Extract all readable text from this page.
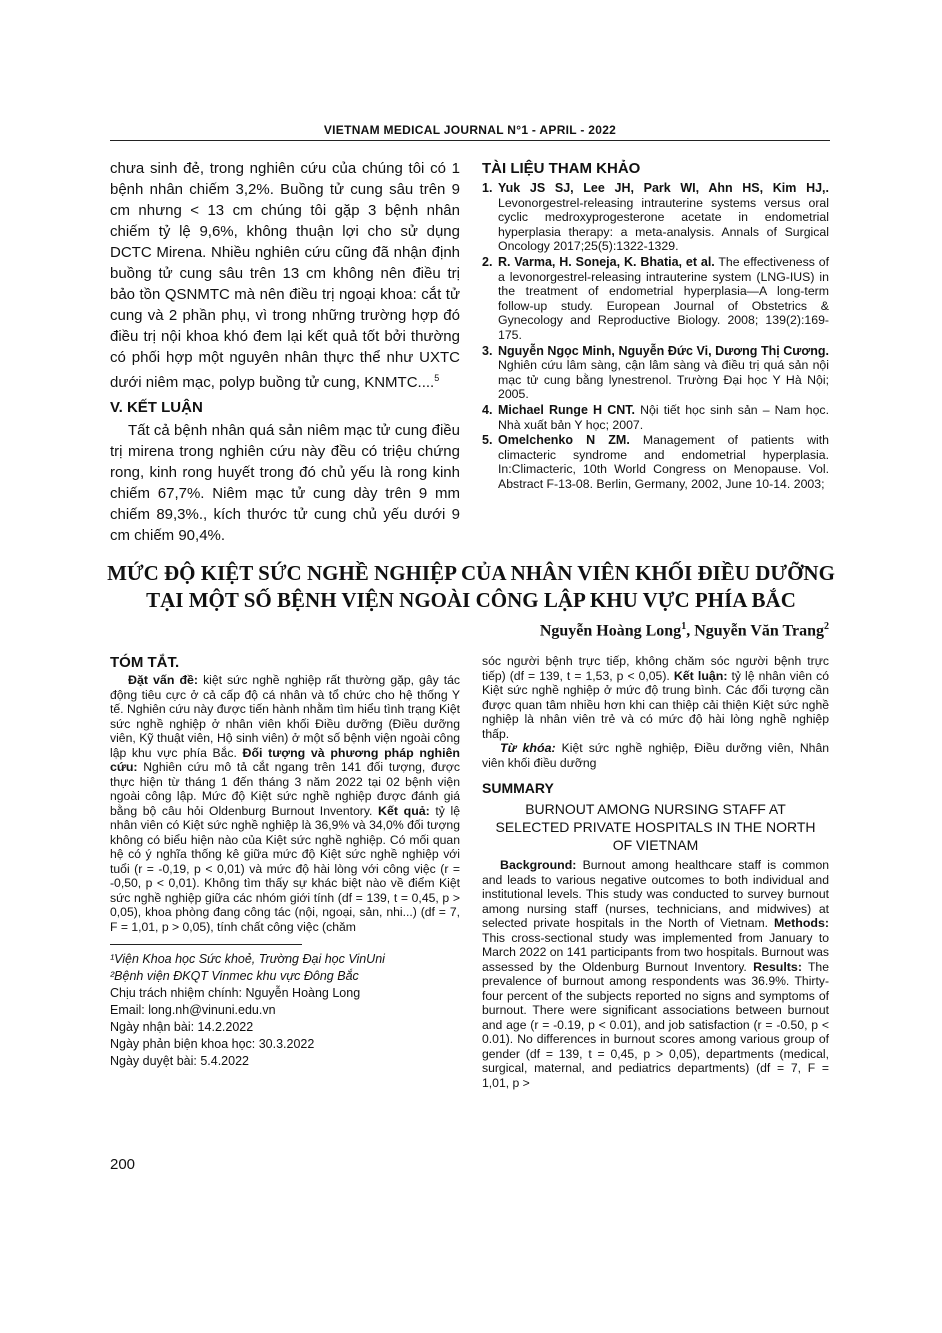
VIETNAM MEDICAL JOURNAL N°1 - APRIL - 2022

chưa sinh đẻ, trong nghiên cứu của chúng tôi có 1 bệnh nhân chiếm 3,2%. Buồng tử cung sâu trên 9 cm nhưng < 13 cm chúng tôi gặp 3 bệnh nhân chiếm tỷ lệ 9,6%, không thuận lợi cho sử dụng DCTC Mirena. Nhiều nghiên cứu cũng đã nhận định buồng tử cung sâu trên 13 cm không nên điều trị bảo tồn QSNMTC mà nên điều trị ngoại khoa: cắt tử cung và 2 phần phụ, vì trong những trường hợp đó điều trị nội khoa khó đem lại kết quả tốt bởi thường có phối hợp một nguyên nhân thực thể như UXTC dưới niêm mạc, polyp buồng tử cung, KNMTC....$^5$

V. KẾT LUẬN

Tất cả bệnh nhân quá sản niêm mạc tử cung điều trị mirena trong nghiên cứu này đều có triệu chứng rong, kinh rong huyết trong đó chủ yếu là rong kinh chiếm 67,7%. Niêm mạc tử cung dày trên 9 mm chiếm 89,3%., kích thước tử cung chủ yếu dưới 9 cm chiếm 90,4%.

TÀI LIỆU THAM KHẢO
1. Yuk JS SJ, Lee JH, Park WI, Ahn HS, Kim HJ,. Levonorgestrel-releasing intrauterine systems versus oral cyclic medroxyprogesterone acetate in endometrial hyperplasia therapy: a meta-analysis. Annals of Surgical Oncology 2017;25(5):1322-1329.
2. R. Varma, H. Soneja, K. Bhatia, et al. The effectiveness of a levonorgestrel-releasing intrauterine system (LNG-IUS) in the treatment of endometrial hyperplasia—A long-term follow-up study. European Journal of Obstetrics & Gynecology and Reproductive Biology. 2008; 139(2):169-175.
3. Nguyễn Ngọc Minh, Nguyễn Đức Vi, Dương Thị Cương. Nghiên cứu lâm sàng, cận lâm sàng và điều trị quá sản nội mạc tử cung bằng lynestrenol. Trường Đại học Y Hà Nội; 2005.
4. Michael Runge H CNT. Nội tiết học sinh sản – Nam học. Nhà xuất bản Y học; 2007.
5. Omelchenko N ZM. Management of patients with climacteric syndrome and endometrial hyperplasia. In:Climacteric, 10th World Congress on Menopause. Vol. Abstract F-13-08. Berlin, Germany, 2002, June 10-14. 2003;
MỨC ĐỘ KIỆT SỨC NGHỀ NGHIỆP CỦA NHÂN VIÊN KHỐI ĐIỀU DƯỠNG
TẠI MỘT SỐ BỆNH VIỆN NGOÀI CÔNG LẬP KHU VỰC PHÍA BẮC
Nguyễn Hoàng Long$^1$, Nguyễn Văn Trang$^2$
TÓM TẮT.

Đặt vấn đề: kiệt sức nghề nghiệp rất thường gặp, gây tác động tiêu cực ở cả cấp độ cá nhân và tổ chức cho hệ thống Y tế. Nghiên cứu này được tiến hành nhằm tìm hiểu tình trạng Kiệt sức nghề nghiệp ở nhân viên khối Điều dưỡng (Điều dưỡng viên, Kỹ thuật viên, Hộ sinh viên) ở một số bệnh viện ngoài công lập khu vực phía Bắc. Đối tượng và phương pháp nghiên cứu: Nghiên cứu mô tả cắt ngang trên 141 đối tượng, được thực hiện từ tháng 1 đến tháng 3 năm 2022 tại 02 bệnh viện ngoài công lập. Mức độ Kiệt sức nghề nghiệp được đánh giá bằng bộ câu hỏi Oldenburg Burnout Inventory. Kết quả: tỷ lệ nhân viên có Kiệt sức nghề nghiệp là 36,9% và 34,0% đối tượng không có biểu hiện nào của Kiệt sức nghề nghiệp. Có mối quan hệ có ý nghĩa thống kê giữa mức độ Kiệt sức nghề nghiệp với tuổi (r = -0,19, p < 0,01) và mức độ hài lòng với công việc (r = -0,50, p < 0,01). Không tìm thấy sự khác biệt nào về điểm Kiệt sức nghề nghiệp giữa các nhóm giới tính (df = 139, t = 0,45, p > 0,05), khoa phòng đang công tác (nội, ngoại, sản, nhi...) (df = 7, F = 1,01, p > 0,05), tính chất công việc (chăm

¹Viện Khoa học Sức khoẻ, Trường Đại học VinUni

²Bệnh viện ĐKQT Vinmec khu vực Đông Bắc

Chịu trách nhiệm chính: Nguyễn Hoàng Long

Email: long.nh@vinuni.edu.vn

Ngày nhận bài: 14.2.2022

Ngày phản biện khoa học: 30.3.2022

Ngày duyệt bài: 5.4.2022

sóc người bệnh trực tiếp, không chăm sóc người bệnh trực tiếp) (df = 139, t = 1,53, p < 0,05). Kết luận: tỷ lệ nhân viên có Kiệt sức nghề nghiệp ở mức độ trung bình. Các đối tượng cần được quan tâm nhiều hơn khi can thiệp cải thiện Kiệt sức nghề nghiệp là nhân viên trẻ và có mức độ hài lòng nghề nghiệp thấp.

Từ khóa: Kiệt sức nghề nghiệp, Điều dưỡng viên, Nhân viên khối điều dưỡng

SUMMARY
BURNOUT AMONG NURSING STAFF AT SELECTED PRIVATE HOSPITALS IN THE NORTH OF VIETNAM

Background: Burnout among healthcare staff is common and leads to various negative outcomes to both individual and institutional levels. This study was conducted to survey burnout among nursing staff (nurses, technicians, and midwives) at selected private hospitals in the North of Vietnam. Methods: This cross-sectional study was implemented from January to March 2022 on 141 participants from two hospitals. Burnout was assessed by the Oldenburg Burnout Inventory. Results: The prevalence of burnout among respondents was 36.9%. Thirty-four percent of the subjects reported no signs and symptoms of burnout. There were significant associations between burnout and age (r = -0.19, p < 0.01), and job satisfaction (r = -0.50, p < 0.01). No differences in burnout scores among various group of gender (df = 139, t = 0,45, p > 0,05), departments (medical, surgical, maternal, and pediatrics departments) (df = 7, F = 1,01, p >

200
